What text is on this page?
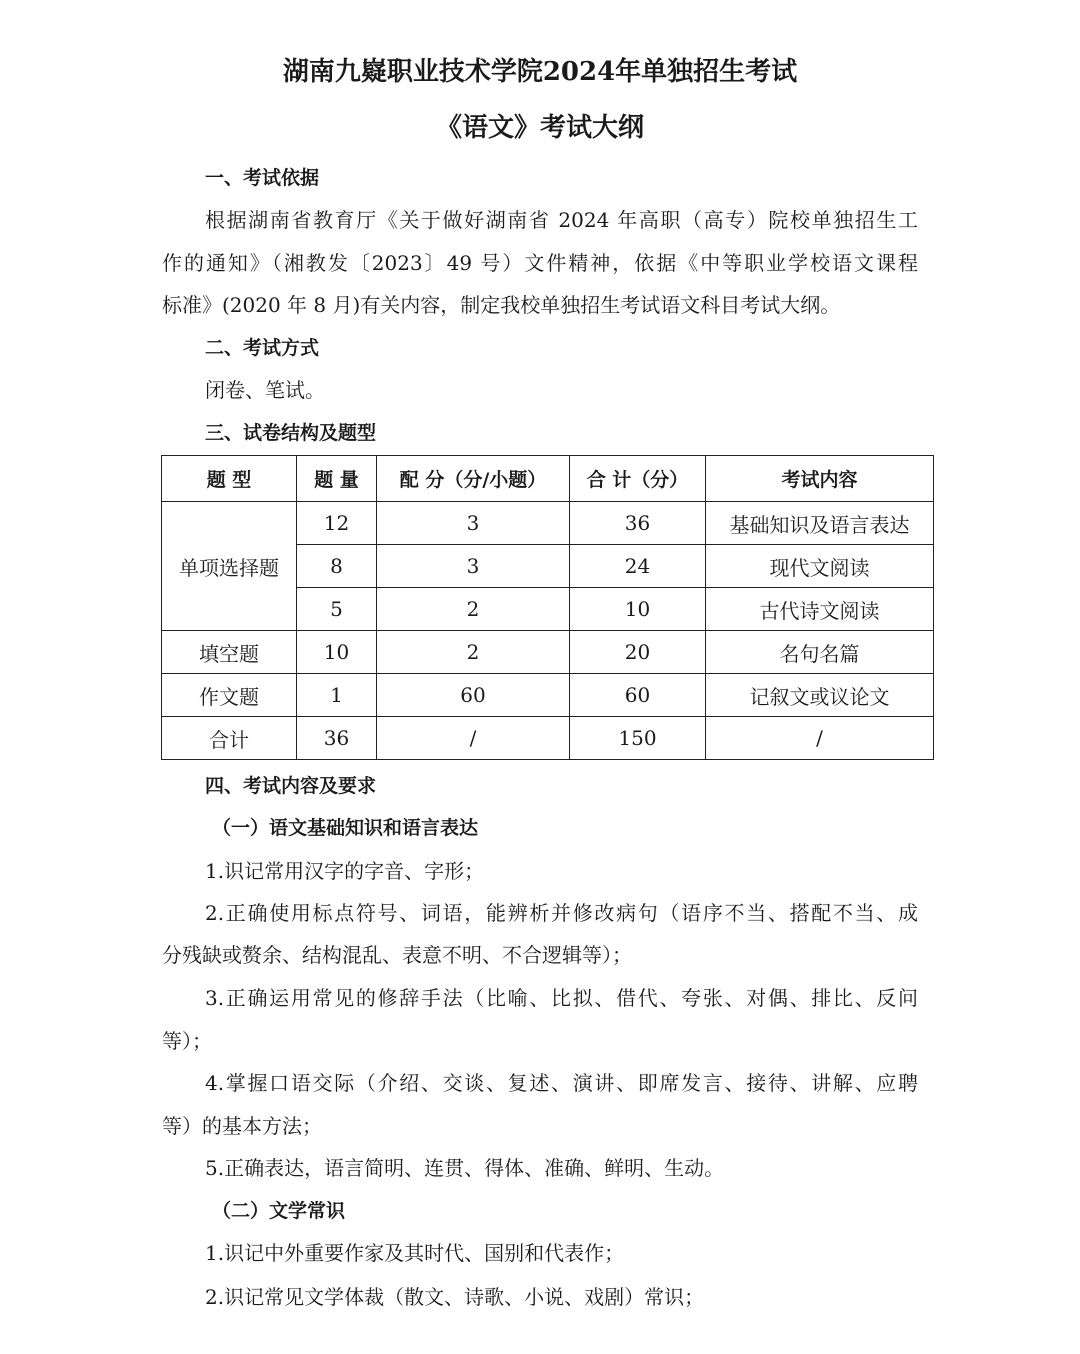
湖南九嶷职业技术学院2024年单独招生考试
《语文》考试大纲
一、考试依据
根据湖南省教育厅《关于做好湖南省 2024 年高职（高专）院校单独招生工
作的通知》（湘教发〔2023〕49 号）文件精神，依据《中等职业学校语文课程
标准》(2020 年 8 月)有关内容，制定我校单独招生考试语文科目考试大纲。
二、考试方式
闭卷、笔试。
三、试卷结构及题型
题 型	题 量	配 分（分/小题）	合 计（分）	考试内容
单项选择题	12	3	36	基础知识及语言表达
	8	3	24	现代文阅读
	5	2	10	古代诗文阅读
填空题	10	2	20	名句名篇
作文题	1	60	60	记叙文或议论文
合计	36	/	150	/
四、考试内容及要求
（一）语文基础知识和语言表达
1.识记常用汉字的字音、字形；
2.正确使用标点符号、词语，能辨析并修改病句（语序不当、搭配不当、成
分残缺或赘余、结构混乱、表意不明、不合逻辑等）；
3.正确运用常见的修辞手法（比喻、比拟、借代、夸张、对偶、排比、反问
等）；
4.掌握口语交际（介绍、交谈、复述、演讲、即席发言、接待、讲解、应聘
等）的基本方法；
5.正确表达，语言简明、连贯、得体、准确、鲜明、生动。
（二）文学常识
1.识记中外重要作家及其时代、国别和代表作；
2.识记常见文学体裁（散文、诗歌、小说、戏剧）常识；
